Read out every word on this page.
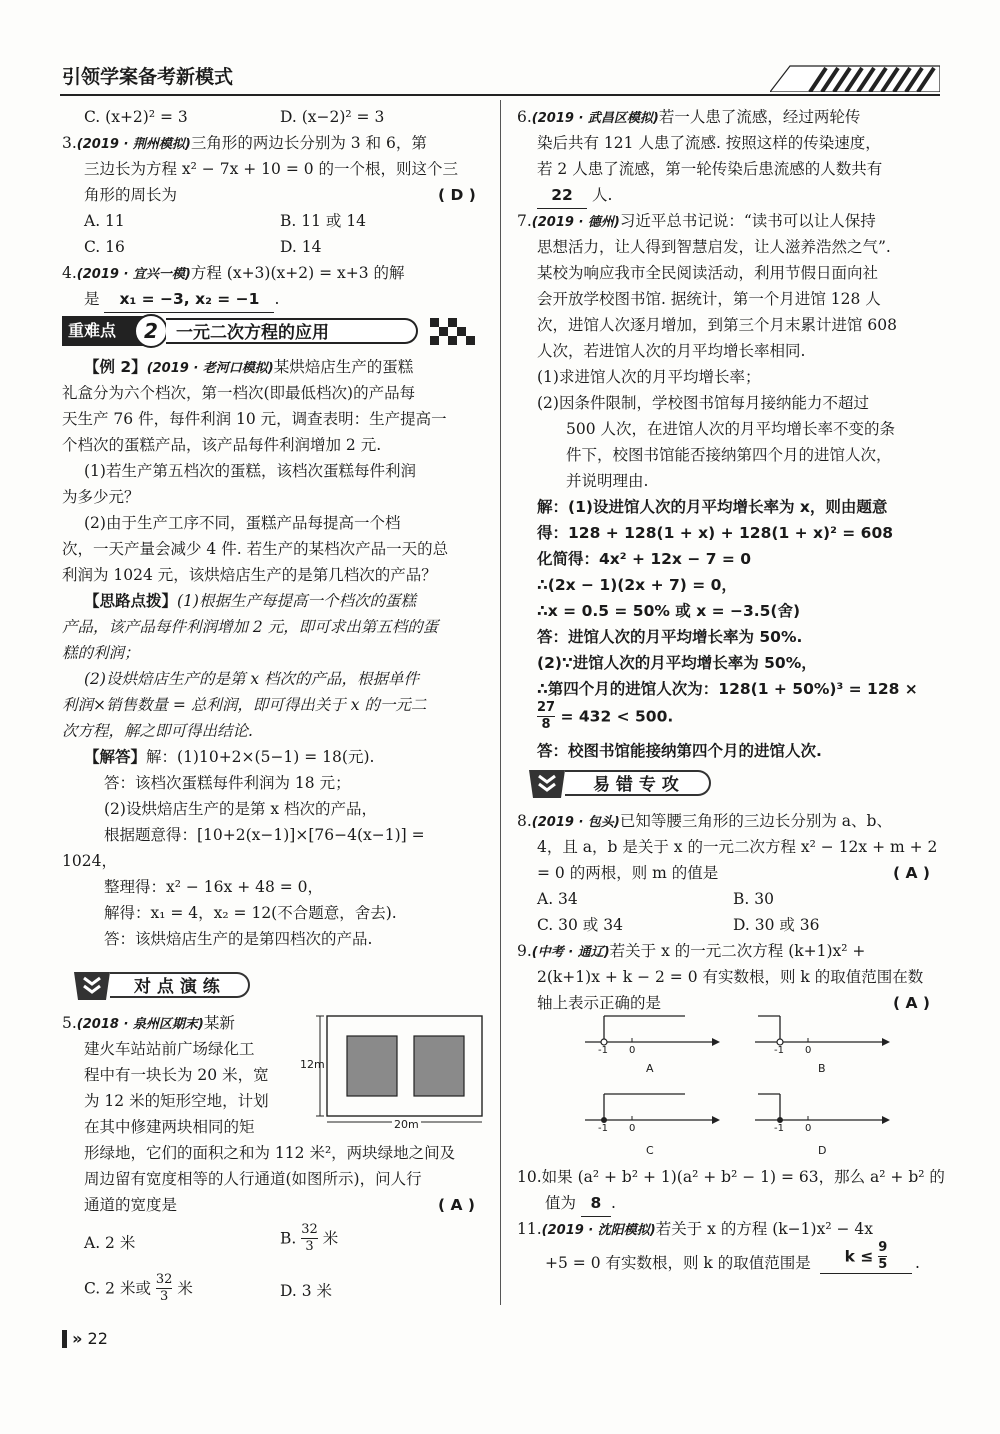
引领学案备考新模式
C. (x+2)² = 3	D. (x−2)² = 3
3.(2019 · 荆州模拟)三角形的两边长分别为 3 和 6，第
三边长为方程 x² − 7x + 10 = 0 的一个根，则这个三
角形的周长为	( D )
A. 11	B. 11 或 14
C. 16	D. 14
4.(2019 · 宜兴一模)方程 (x+3)(x+2) = x+3 的解
是 x₁ = −3, x₂ = −1 .
重难点	2	一元二次方程的应用
【例 2】(2019 · 老河口模拟)某烘焙店生产的蛋糕
礼盒分为六个档次，第一档次(即最低档次)的产品每
天生产 76 件，每件利润 10 元，调查表明：生产提高一
个档次的蛋糕产品，该产品每件利润增加 2 元.
(1)若生产第五档次的蛋糕，该档次蛋糕每件利润
为多少元？
(2)由于生产工序不同，蛋糕产品每提高一个档
次，一天产量会减少 4 件. 若生产的某档次产品一天的总
利润为 1024 元，该烘焙店生产的是第几档次的产品？
【思路点拨】(1)根据生产每提高一个档次的蛋糕
产品，该产品每件利润增加 2 元，即可求出第五档的蛋
糕的利润；
(2)设烘焙店生产的是第 x 档次的产品，根据单件
利润×销售数量 = 总利润，即可得出关于 x 的一元二
次方程，解之即可得出结论.
【解答】解：(1)10+2×(5−1) = 18(元).
答：该档次蛋糕每件利润为 18 元；
(2)设烘焙店生产的是第 x 档次的产品，
根据题意得：[10+2(x−1)]×[76−4(x−1)] =
1024，
整理得：x² − 16x + 48 = 0，
解得：x₁ = 4，x₂ = 12(不合题意，舍去).
答：该烘焙店生产的是第四档次的产品.
对 点 演 练
5.(2018 · 泉州区期末)某新
建火车站站前广场绿化工
程中有一块长为 20 米，宽
为 12 米的矩形空地，计划
在其中修建两块相同的矩
形绿地，它们的面积之和为 112 米²，两块绿地之间及
周边留有宽度相等的人行通道(如图所示)，问人行
通道的宽度是	( A )
12m
20m
A. 2 米	B. $\frac{32}{3}$ 米
C. 2 米或 $\frac{32}{3}$ 米	D. 3 米
6.(2019 · 武昌区模拟)若一人患了流感，经过两轮传
染后共有 121 人患了流感. 按照这样的传染速度，
若 2 人患了流感，第一轮传染后患流感的人数共有
22 人.
7.(2019 · 德州)习近平总书记说：“读书可以让人保持
思想活力，让人得到智慧启发，让人滋养浩然之气”.
某校为响应我市全民阅读活动，利用节假日面向社
会开放学校图书馆. 据统计，第一个月进馆 128 人
次，进馆人次逐月增加，到第三个月末累计进馆 608
人次，若进馆人次的月平均增长率相同.
(1)求进馆人次的月平均增长率；
(2)因条件限制，学校图书馆每月接纳能力不超过
500 人次，在进馆人次的月平均增长率不变的条
件下，校图书馆能否接纳第四个月的进馆人次，
并说明理由.
解：(1)设进馆人次的月平均增长率为 x，则由题意
得：128 + 128(1 + x) + 128(1 + x)² = 608
化简得：4x² + 12x − 7 = 0
∴(2x − 1)(2x + 7) = 0，
∴x = 0.5 = 50% 或 x = −3.5(舍)
答：进馆人次的月平均增长率为 50%.
(2)∵进馆人次的月平均增长率为 50%，
∴第四个月的进馆人次为：128(1 + 50%)³ = 128 ×
$\frac{27}{8} = 432 < 500$.
答：校图书馆能接纳第四个月的进馆人次.
易 错 专 攻
8.(2019 · 包头)已知等腰三角形的三边长分别为 a、b、
4，且 a，b 是关于 x 的一元二次方程 x² − 12x + m + 2
= 0 的两根，则 m 的值是	( A )
A. 34	B. 30
C. 30 或 34	D. 30 或 36
9.(中考 · 通辽)若关于 x 的一元二次方程 (k+1)x² +
2(k+1)x + k − 2 = 0 有实数根，则 k 的取值范围在数
轴上表示正确的是	( A )
-1 0
A
-1 0
B
-1 0
C
-1 0
D
10.如果 (a² + b² + 1)(a² + b² − 1) = 63，那么 a² + b² 的
值为 8 .
11.(2019 · 沈阳模拟)若关于 x 的方程 (k−1)x² − 4x
+5 = 0 有实数根，则 k 的取值范围是	$k \le \frac{9}{5}$ .
» 22
